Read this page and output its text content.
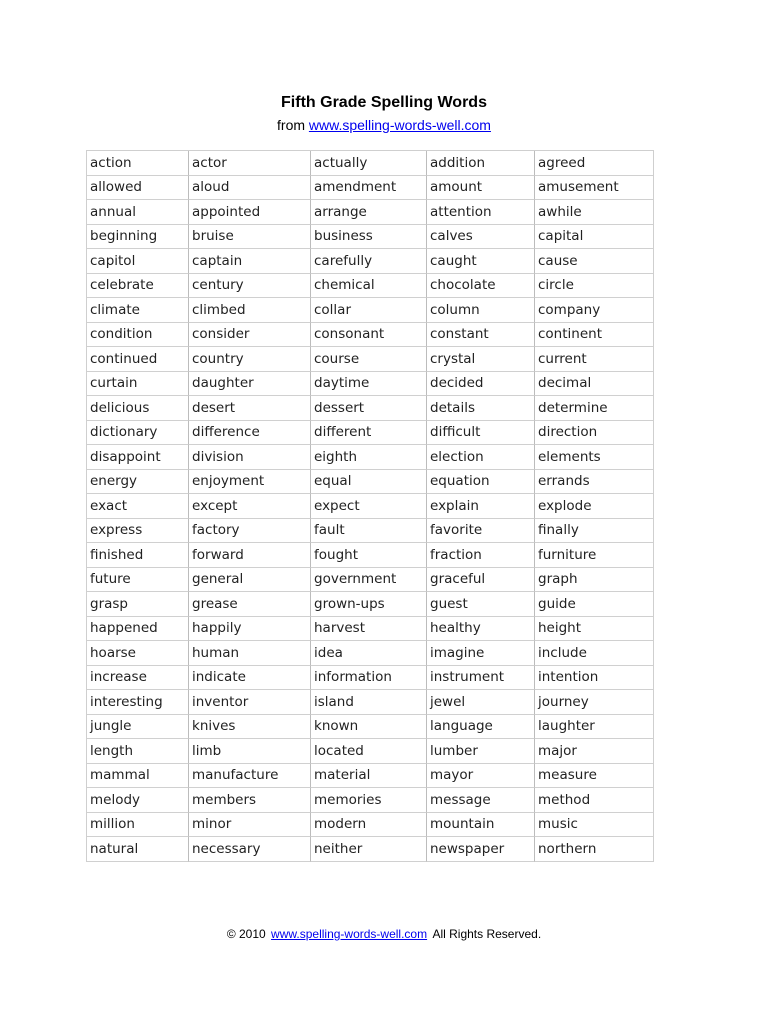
Fifth Grade Spelling Words

from www.spelling-words-well.com

action	actor	actually	addition	agreed
allowed	aloud	amendment	amount	amusement
annual	appointed	arrange	attention	awhile
beginning	bruise	business	calves	capital
capitol	captain	carefully	caught	cause
celebrate	century	chemical	chocolate	circle
climate	climbed	collar	column	company
condition	consider	consonant	constant	continent
continued	country	course	crystal	current
curtain	daughter	daytime	decided	decimal
delicious	desert	dessert	details	determine
dictionary	difference	different	difficult	direction
disappoint	division	eighth	election	elements
energy	enjoyment	equal	equation	errands
exact	except	expect	explain	explode
express	factory	fault	favorite	finally
finished	forward	fought	fraction	furniture
future	general	government	graceful	graph
grasp	grease	grown-ups	guest	guide
happened	happily	harvest	healthy	height
hoarse	human	idea	imagine	include
increase	indicate	information	instrument	intention
interesting	inventor	island	jewel	journey
jungle	knives	known	language	laughter
length	limb	located	lumber	major
mammal	manufacture	material	mayor	measure
melody	members	memories	message	method
million	minor	modern	mountain	music
natural	necessary	neither	newspaper	northern
© 2010 www.spelling-words-well.com All Rights Reserved.
